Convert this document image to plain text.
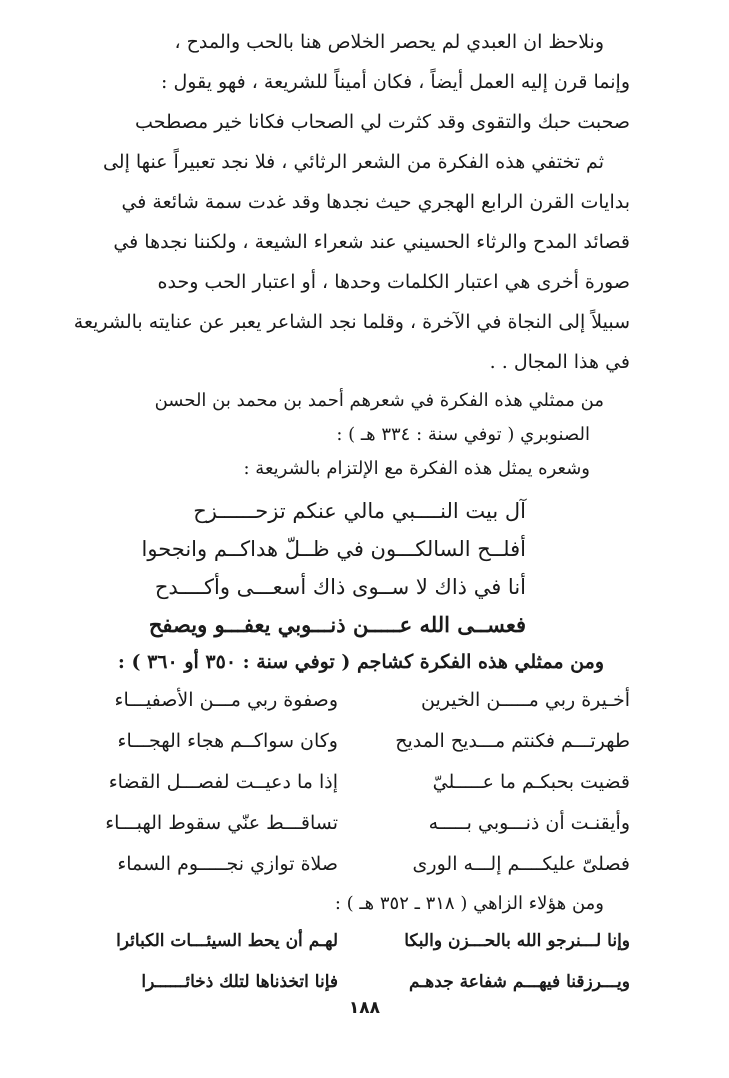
ونلاحظ ان العبدي لم يحصر الخلاص هنا بالحب والمدح ،

وإنما قرن إليه العمل أيضاً ، فكان أميناً للشريعة ، فهو يقول :

صحبت حبك والتقوى وقد كثرت لي الصحاب فكانا خير مصطحب

ثم تختفي هذه الفكرة من الشعر الرثائي ، فلا نجد تعبيراً عنها إلى

بدايات القرن الرابع الهجري حيث نجدها وقد غدت سمة شائعة في

قصائد المدح والرثاء الحسيني عند شعراء الشيعة ، ولكننا نجدها في

صورة أخرى هي اعتبار الكلمات وحدها ، أو اعتبار الحب وحده

سبيلاً إلى النجاة في الآخرة ، وقلما نجد الشاعر يعبر عن عنايته بالشريعة

في هذا المجال . .

من ممثلي هذه الفكرة في شعرهم أحمد بن محمد بن الحسن

الصنوبري ( توفي سنة : ٣٣٤ هـ ) :

وشعره يمثل هذه الفكرة مع الإلتزام بالشريعة :

آل بيت النــــبي مالي عنكم تزحــــــزح
أفلــح السالكـــون في ظــلّ هداكــم وانجحوا
أنا في ذاك لا ســوى ذاك أسعـــى وأكــــدح
فعســى الله عـــــن ذنـــوبي يعفـــو ويصفح

ومن ممثلي هذه الفكرة كشاجم ( توفي سنة : ٣٥٠ أو ٣٦٠ ) :

أخـيرة ربي مـــــن الخيرين
وصفوة ربي مـــن الأصفيـــاء
طهرتـــم فكنتم مـــديح المديح
وكان سواكــم هجاء الهجـــاء
قضيت بحبكـم ما عـــــليّ
إذا ما دعيــت لفصـــل القضاء
وأيقنـت أن ذنـــوبي بـــــه
تساقـــط عنّي سقوط الهبـــاء
فصلىّ عليكــــم إلـــه الورى
صلاة توازي نجـــــوم السماء

ومن هؤلاء الزاهي ( ٣١٨ ـ ٣٥٢ هـ ) :

وإنا لـــنرجو الله بالحـــزن والبكا
لهـم أن يحط السيئـــات الكبائرا
ويـــرزقنا فيهـــم شفاعة جدهـم
فإنا اتخذناها لتلك ذخائــــــرا
١٨٨
